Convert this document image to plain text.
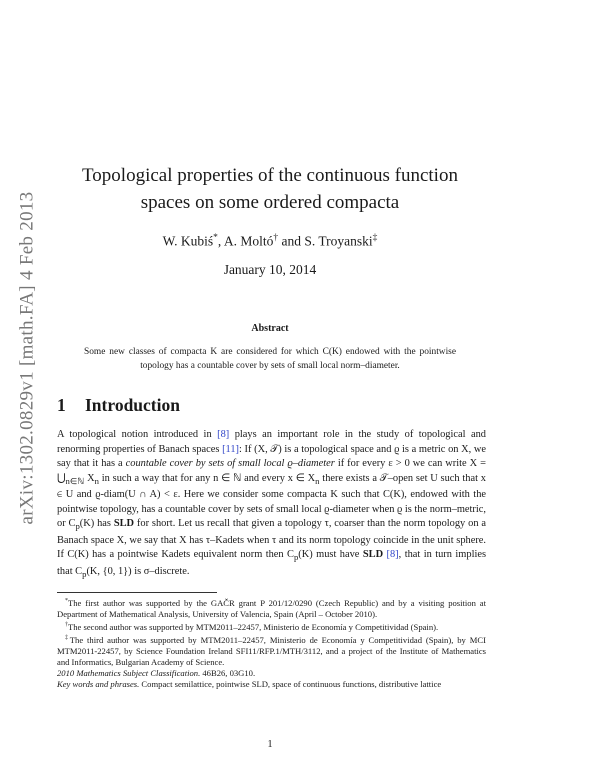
arXiv:1302.0829v1 [math.FA] 4 Feb 2013
Topological properties of the continuous function
spaces on some ordered compacta
W. Kubiś*, A. Moltó† and S. Troyanski‡
January 10, 2014
Abstract
Some new classes of compacta K are considered for which C(K) endowed with the pointwise topology has a countable cover by sets of small local norm–diameter.
1 Introduction
A topological notion introduced in [8] plays an important role in the study of topological and renorming properties of Banach spaces [11]: If (X, 𝒯) is a topological space and ϱ is a metric on X, we say that it has a countable cover by sets of small local ϱ–diameter if for every ε > 0 we can write $X = ⋃_{n\in ℕ}$ $X_n$ in such a way that for any n ∈ ℕ and every x ∈ $X_n$ there exists a 𝒯–open set U such that x ∈ U and ϱ-diam(U ∩ A) < ε. Here we consider some compacta K such that C(K), endowed with the pointwise topology, has a countable cover by sets of small local ϱ-diameter when ϱ is the norm–metric, or $C_p(K)$ has SLD for short. Let us recall that given a topology τ, coarser than the norm topology on a Banach space X, we say that X has τ–Kadets when τ and its norm topology coincide in the unit sphere. If C(K) has a pointwise Kadets equivalent norm then $C_p(K)$ must have SLD [8], that in turn implies that $C_p(K$, {0, 1}) is σ–discrete.

*The first author was supported by the GAČR grant P 201/12/0290 (Czech Republic) and by a visiting position at Department of Mathematical Analysis, University of Valencia, Spain (April – October 2010).

†The second author was supported by MTM2011–22457, Ministerio de Economía y Competitividad (Spain).

‡The third author was supported by MTM2011–22457, Ministerio de Economía y Competitividad (Spain), by MCI MTM2011-22457, by Science Foundation Ireland SFI11/RFP.1/MTH/3112, and a project of the Institute of Mathematics and Informatics, Bulgarian Academy of Science.

2010 Mathematics Subject Classification. 46B26, 03G10.

Key words and phrases. Compact semilattice, pointwise SLD, space of continuous functions, distributive lattice

1
